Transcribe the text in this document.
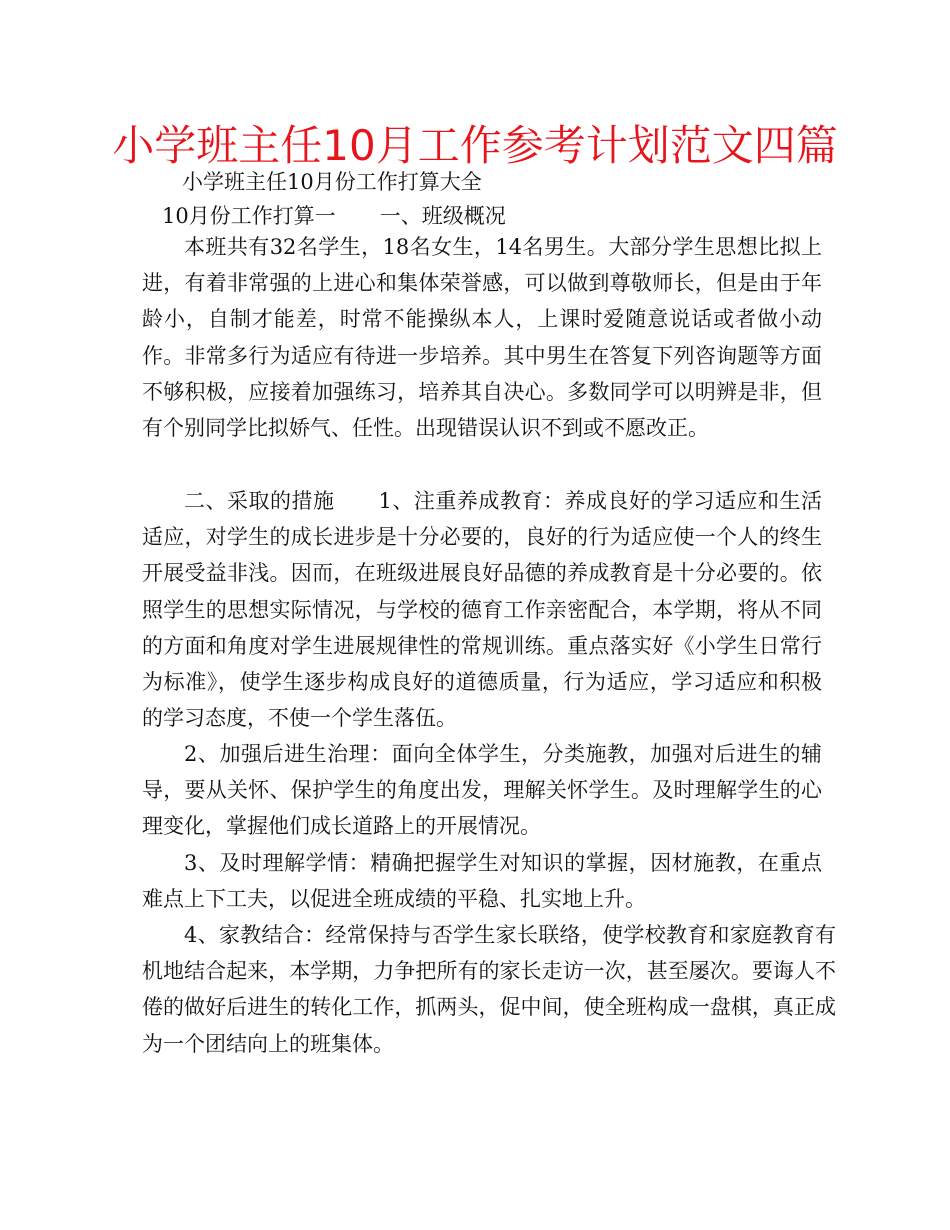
小学班主任10月工作参考计划范文四篇

小学班主任10月份工作打算大全

10月份工作打算一 一、班级概况

本班共有32名学生，18名女生，14名男生。大部分学生思想比拟上进，有着非常强的上进心和集体荣誉感，可以做到尊敬师长，但是由于年龄小，自制才能差，时常不能操纵本人，上课时爱随意说话或者做小动作。非常多行为适应有待进一步培养。其中男生在答复下列咨询题等方面不够积极，应接着加强练习，培养其自决心。多数同学可以明辨是非，但有个别同学比拟娇气、任性。出现错误认识不到或不愿改正。

二、采取的措施 1、注重养成教育：养成良好的学习适应和生活适应，对学生的成长进步是十分必要的，良好的行为适应使一个人的终生开展受益非浅。因而，在班级进展良好品德的养成教育是十分必要的。依照学生的思想实际情况，与学校的德育工作亲密配合，本学期，将从不同的方面和角度对学生进展规律性的常规训练。重点落实好《小学生日常行为标准》，使学生逐步构成良好的道德质量，行为适应，学习适应和积极的学习态度，不使一个学生落伍。

2、加强后进生治理：面向全体学生，分类施教，加强对后进生的辅导，要从关怀、保护学生的角度出发，理解关怀学生。及时理解学生的心理变化，掌握他们成长道路上的开展情况。

3、及时理解学情：精确把握学生对知识的掌握，因材施教，在重点难点上下工夫，以促进全班成绩的平稳、扎实地上升。

4、家教结合：经常保持与否学生家长联络，使学校教育和家庭教育有机地结合起来，本学期，力争把所有的家长走访一次，甚至屡次。要诲人不倦的做好后进生的转化工作，抓两头，促中间，使全班构成一盘棋，真正成为一个团结向上的班集体。
